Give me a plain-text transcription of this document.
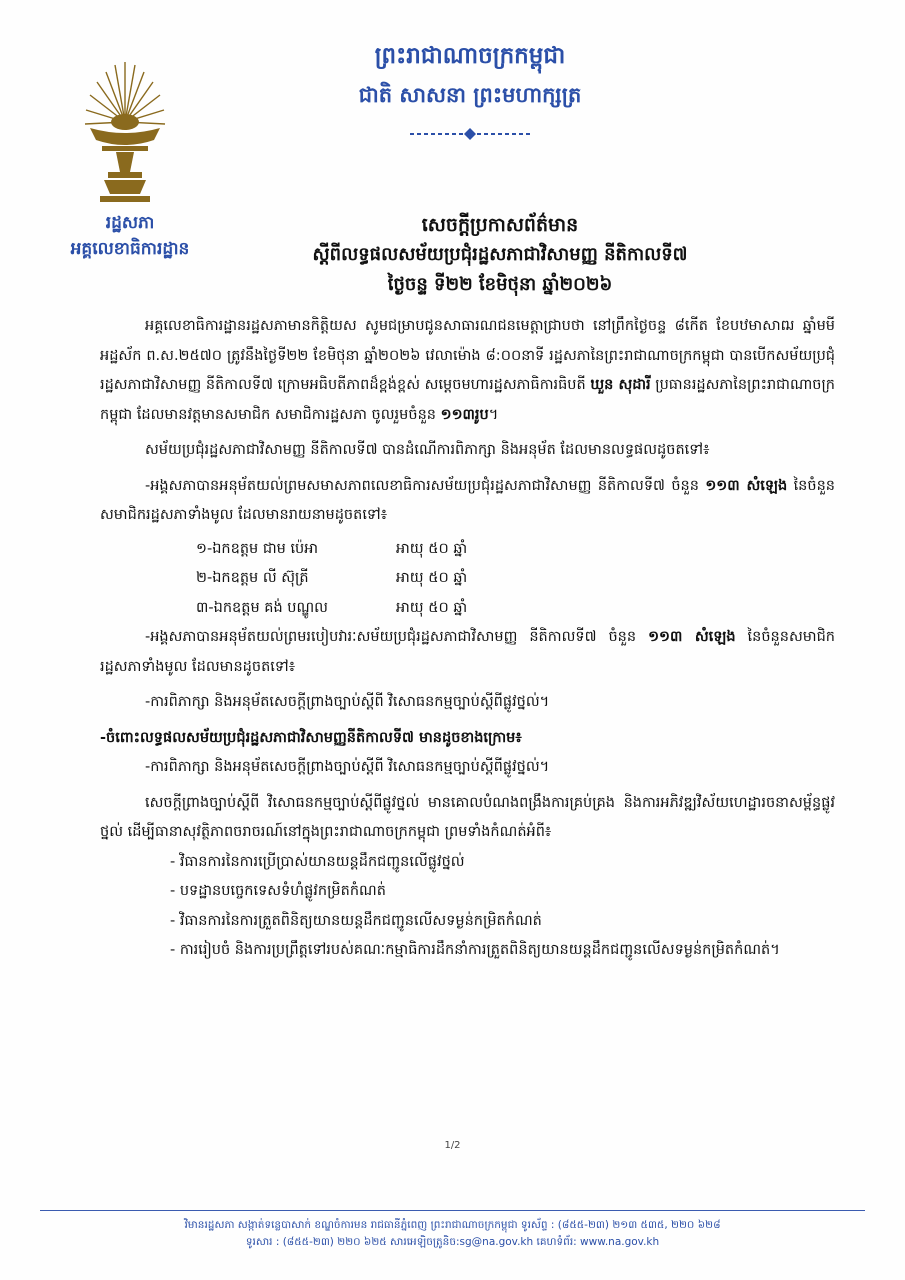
រដ្ឋសភា
អគ្គលេខាធិការដ្ឋាន
ព្រះរាជាណាចក្រកម្ពុជា
ជាតិ សាសនា ព្រះមហាក្សត្រ
សេចក្តីប្រកាសព័ត៌មាន
ស្តីពីលទ្ធផលសម័យប្រជុំរដ្ឋសភាជាវិសាមញ្ញ នីតិកាលទី៧
ថ្ងៃចន្ទ ទី២២ ខែមិថុនា ឆ្នាំ២០២៦

អគ្គលេខាធិការដ្ឋានរដ្ឋសភាមានកិត្តិយស សូមជម្រាបជូនសាធារណជនមេត្តាជ្រាបថា នៅព្រឹកថ្ងៃចន្ទ ៨កើត ខែបឋមាសាឍ ឆ្នាំមមី អដ្ឋស័ក ព.ស.២៥៧០ ត្រូវនឹងថ្ងៃទី២២ ខែមិថុនា ឆ្នាំ២០២៦ វេលាម៉ោង ៨:០០នាទី រដ្ឋសភានៃព្រះរាជាណាចក្រកម្ពុជា បានបើកសម័យប្រជុំរដ្ឋសភាជាវិសាមញ្ញ នីតិកាលទី៧ ក្រោមអធិបតីភាពដ៏ខ្ពង់ខ្ពស់ សម្តេចមហារដ្ឋសភាធិការធិបតី ឃួន សុដារី ប្រធានរដ្ឋសភានៃព្រះរាជាណាចក្រកម្ពុជា ដែលមានវត្តមានសមាជិក សមាជិការដ្ឋសភា ចូលរួមចំនួន ១១៣រូប។

សម័យប្រជុំរដ្ឋសភាជាវិសាមញ្ញ នីតិកាលទី៧ បានដំណើការពិភាក្សា និងអនុម័ត ដែលមានលទ្ធផលដូចតទៅ៖

-អង្គសភាបានអនុម័តយល់ព្រមសមាសភាពលេខាធិការសម័យប្រជុំរដ្ឋសភាជាវិសាមញ្ញ នីតិកាលទី៧ ចំនួន ១១៣ សំឡេង នៃចំនួនសមាជិករដ្ឋសភាទាំងមូល ដែលមានរាយនាមដូចតទៅ៖

១-ឯកឧត្តម ជាម ប៉េអា	អាយុ ៥០ ឆ្នាំ
២-ឯកឧត្តម លី ស៊ុត្រី	អាយុ ៥០ ឆ្នាំ
៣-ឯកឧត្តម គង់ បណ្ឌូល	អាយុ ៥០ ឆ្នាំ

-អង្គសភាបានអនុម័តយល់ព្រមរបៀបវារៈសម័យប្រជុំរដ្ឋសភាជាវិសាមញ្ញ នីតិកាលទី៧ ចំនួន ១១៣ សំឡេង នៃចំនួនសមាជិករដ្ឋសភាទាំងមូល ដែលមានដូចតទៅ៖

-ការពិភាក្សា និងអនុម័តសេចក្តីព្រាងច្បាប់ស្តីពី វិសោធនកម្មច្បាប់ស្តីពីផ្លូវថ្នល់។

-ចំពោះលទ្ធផលសម័យប្រជុំរដ្ឋសភាជាវិសាមញ្ញនីតិកាលទី៧ មានដូចខាងក្រោម៖

-ការពិភាក្សា និងអនុម័តសេចក្តីព្រាងច្បាប់ស្តីពី វិសោធនកម្មច្បាប់ស្តីពីផ្លូវថ្នល់។

សេចក្តីព្រាងច្បាប់ស្តីពី វិសោធនកម្មច្បាប់ស្តីពីផ្លូវថ្នល់ មានគោលបំណងពង្រឹងការគ្រប់គ្រង និងការអភិវឌ្ឍវិស័យហេដ្ឋារចនាសម្ព័ន្ធផ្លូវថ្នល់ ដើម្បីធានាសុវត្ថិភាពចរាចរណ៍នៅក្នុងព្រះរាជាណាចក្រកម្ពុជា ព្រមទាំងកំណត់អំពី៖

- វិធានការនៃការប្រើប្រាស់យានយន្តដឹកជញ្ជូនលើផ្លូវថ្នល់
- បទដ្ឋានបច្ចេកទេសទំហំផ្លូវកម្រិតកំណត់
- វិធានការនៃការត្រួតពិនិត្យយានយន្តដឹកជញ្ជូនលើសទម្ងន់កម្រិតកំណត់
- ការរៀបចំ និងការប្រព្រឹត្តទៅរបស់គណៈកម្មាធិការដឹកនាំការត្រួតពិនិត្យយានយន្តដឹកជញ្ជូនលើសទម្ងន់កម្រិតកំណត់។
1/2
វិមានរដ្ឋសភា សង្កាត់ទន្លេបាសាក់ ខណ្ឌចំការមន រាជធានីភ្នំពេញ ព្រះរាជាណាចក្រកម្ពុជា ទូរស័ព្ទ : (៨៥៥-២៣) ២១៣ ៥៣៥, ២២០ ៦២៨
ទូរសារ : (៨៥៥-២៣) ២២០ ៦២៥ សារអេឡិចត្រូនិច:sg@na.gov.kh គេហទំព័រ: www.na.gov.kh
